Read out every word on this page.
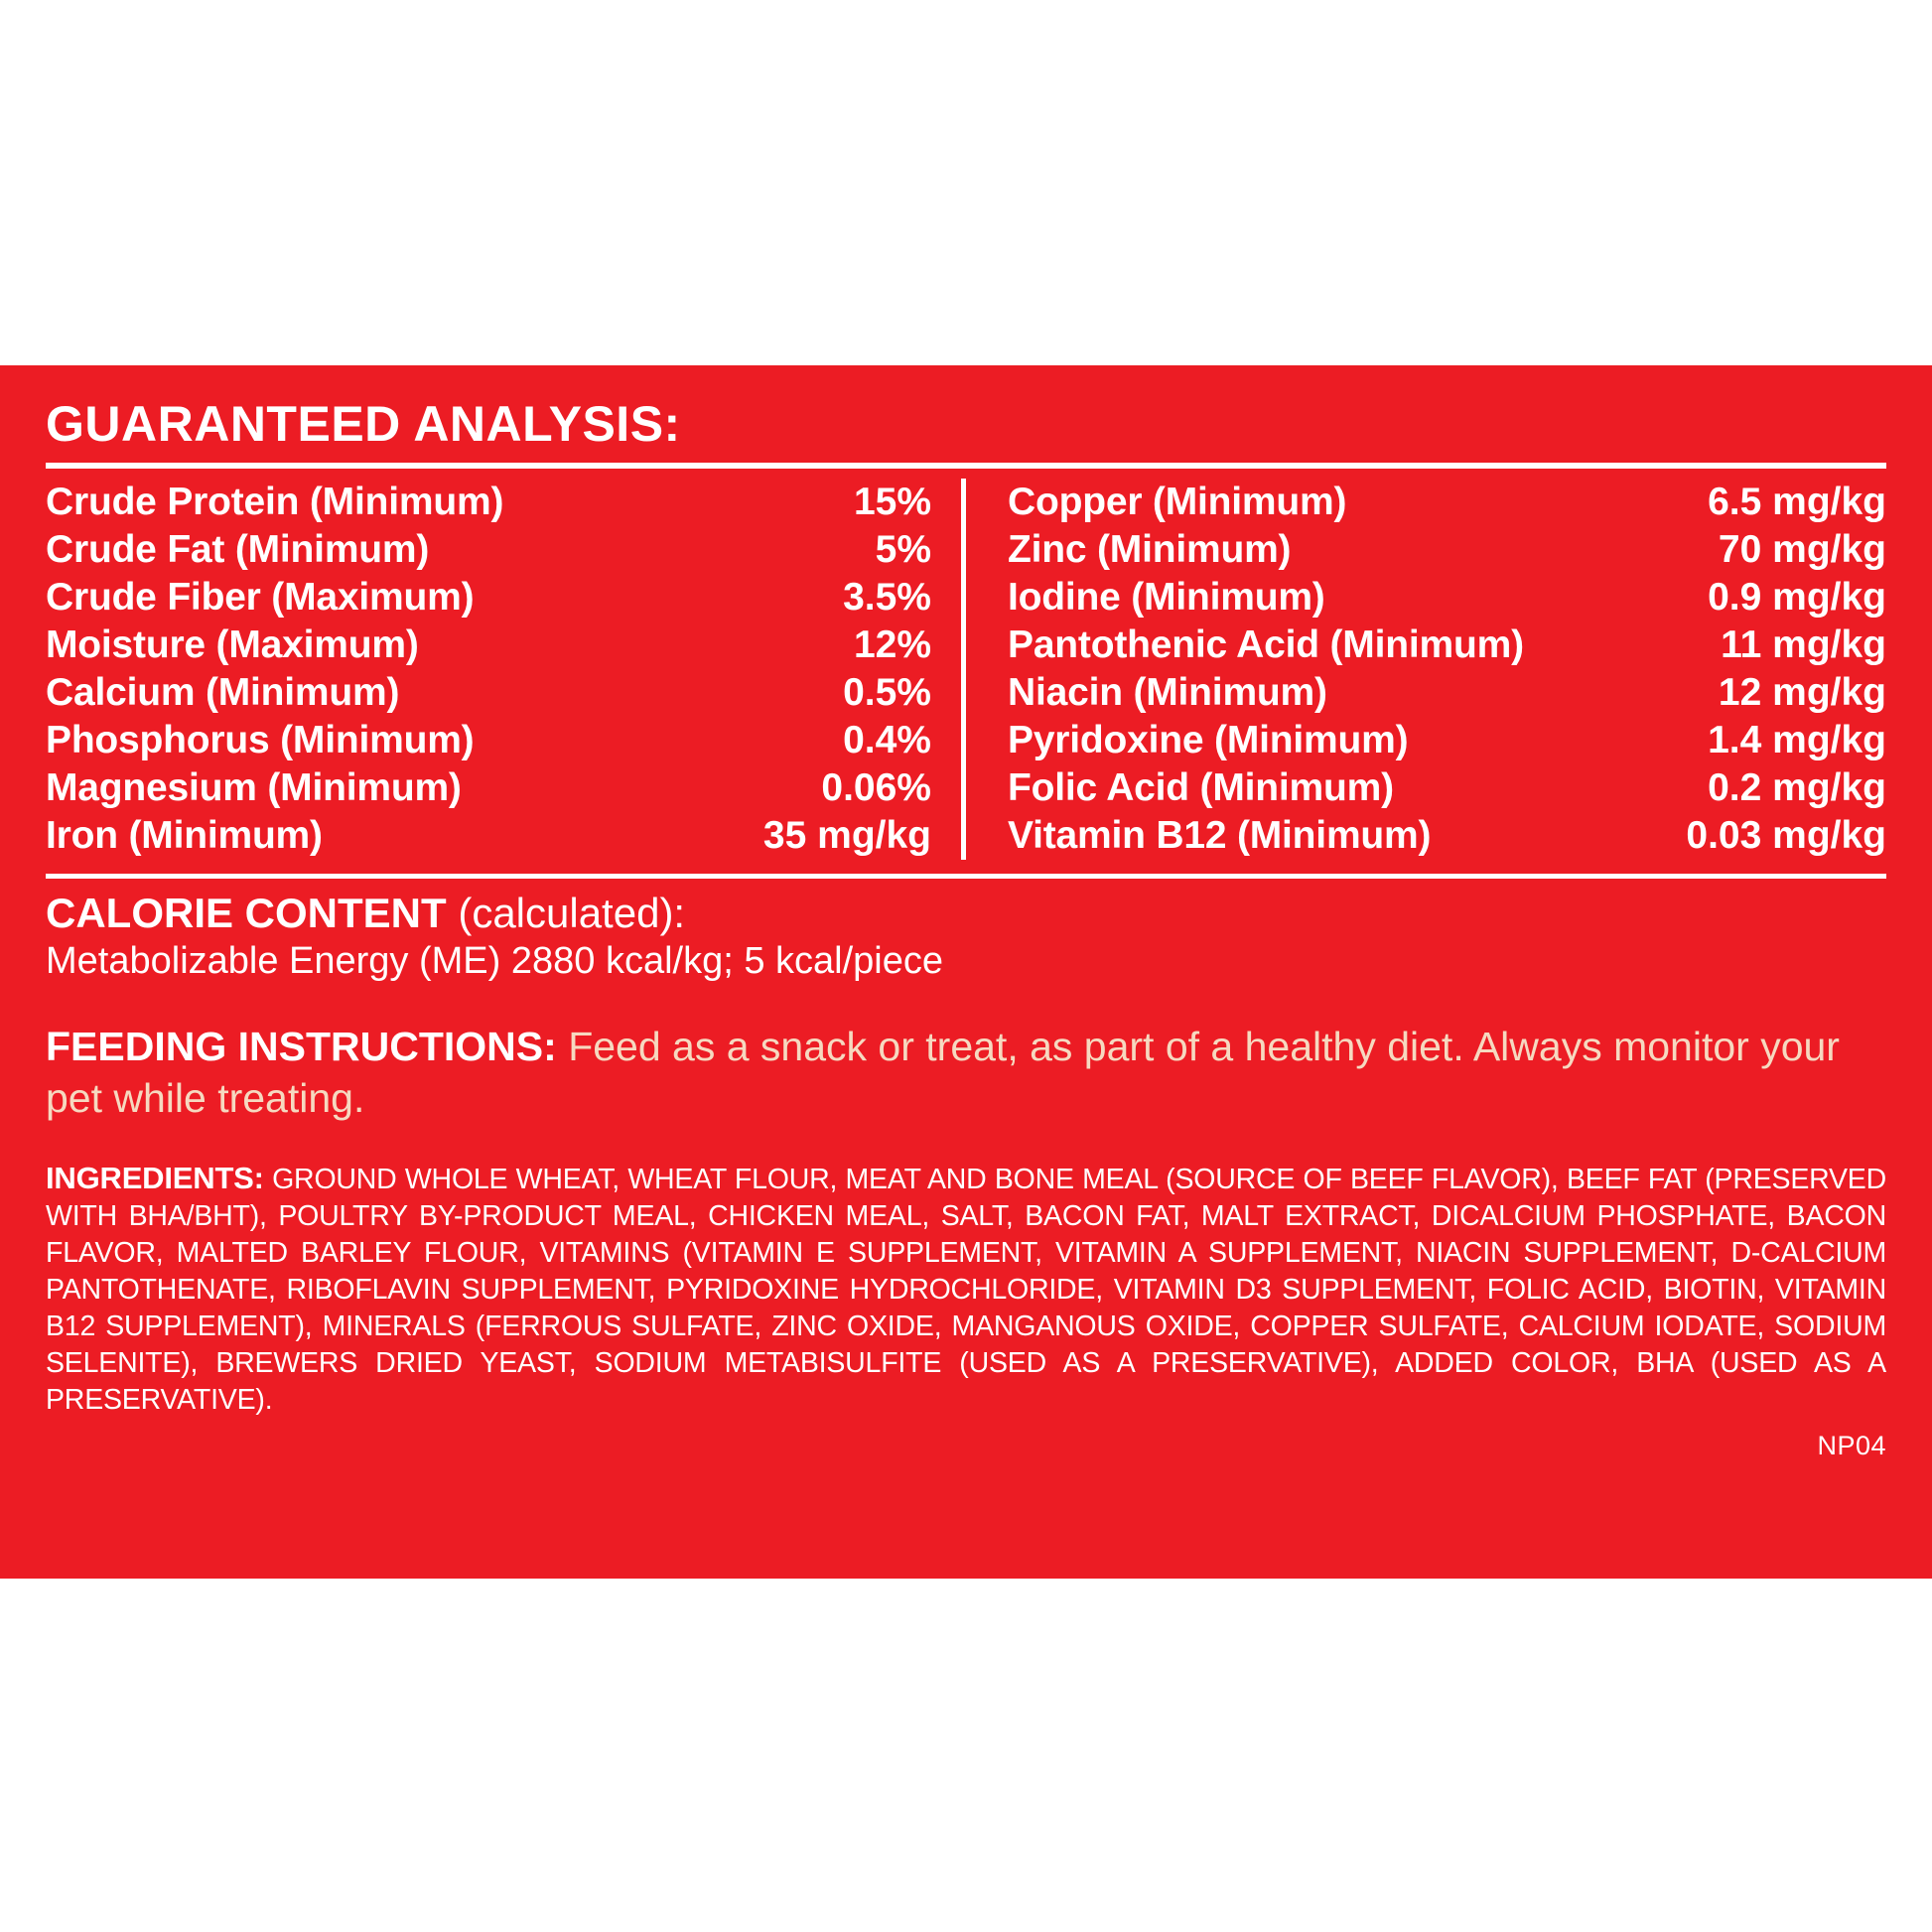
GUARANTEED ANALYSIS:
Crude Protein (Minimum)	15%
Crude Fat (Minimum)	5%
Crude Fiber (Maximum)	3.5%
Moisture (Maximum)	12%
Calcium (Minimum)	0.5%
Phosphorus (Minimum)	0.4%
Magnesium (Minimum)	0.06%
Iron (Minimum)	35 mg/kg
Copper (Minimum)	6.5 mg/kg
Zinc (Minimum)	70 mg/kg
Iodine (Minimum)	0.9 mg/kg
Pantothenic Acid (Minimum)	11 mg/kg
Niacin (Minimum)	12 mg/kg
Pyridoxine (Minimum)	1.4 mg/kg
Folic Acid (Minimum)	0.2 mg/kg
Vitamin B12 (Minimum)	0.03 mg/kg
CALORIE CONTENT (calculated):
Metabolizable Energy (ME) 2880 kcal/kg; 5 kcal/piece
FEEDING INSTRUCTIONS: Feed as a snack or treat, as part of a healthy diet. Always monitor your pet while treating.
INGREDIENTS: GROUND WHOLE WHEAT, WHEAT FLOUR, MEAT AND BONE MEAL (SOURCE OF BEEF FLAVOR), BEEF FAT (PRESERVED WITH BHA/BHT), POULTRY BY-PRODUCT MEAL, CHICKEN MEAL, SALT, BACON FAT, MALT EXTRACT, DICALCIUM PHOSPHATE, BACON FLAVOR, MALTED BARLEY FLOUR, VITAMINS (VITAMIN E SUPPLEMENT, VITAMIN A SUPPLEMENT, NIACIN SUPPLEMENT, D-CALCIUM PANTOTHENATE, RIBOFLAVIN SUPPLEMENT, PYRIDOXINE HYDROCHLORIDE, VITAMIN D3 SUPPLEMENT, FOLIC ACID, BIOTIN, VITAMIN B12 SUPPLEMENT), MINERALS (FERROUS SULFATE, ZINC OXIDE, MANGANOUS OXIDE, COPPER SULFATE, CALCIUM IODATE, SODIUM SELENITE), BREWERS DRIED YEAST, SODIUM METABISULFITE (USED AS A PRESERVATIVE), ADDED COLOR, BHA (USED AS A PRESERVATIVE).
NP04
